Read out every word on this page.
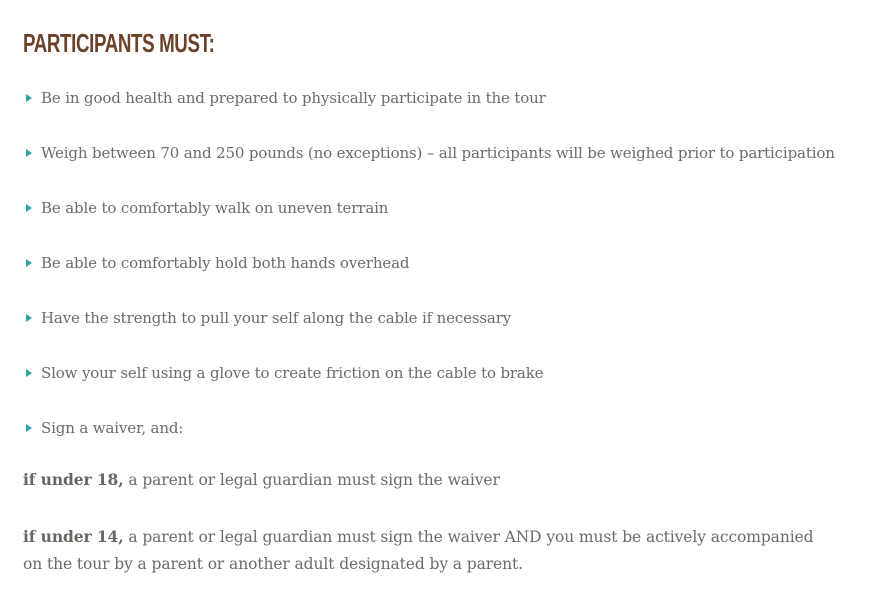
PARTICIPANTS MUST:
Be in good health and prepared to physically participate in the tour
Weigh between 70 and 250 pounds (no exceptions) – all participants will be weighed prior to participation
Be able to comfortably walk on uneven terrain
Be able to comfortably hold both hands overhead
Have the strength to pull your self along the cable if necessary
Slow your self using a glove to create friction on the cable to brake
Sign a waiver, and:

if under 18, a parent or legal guardian must sign the waiver

if under 14, a parent or legal guardian must sign the waiver AND you must be actively accompanied
on the tour by a parent or another adult designated by a parent.
